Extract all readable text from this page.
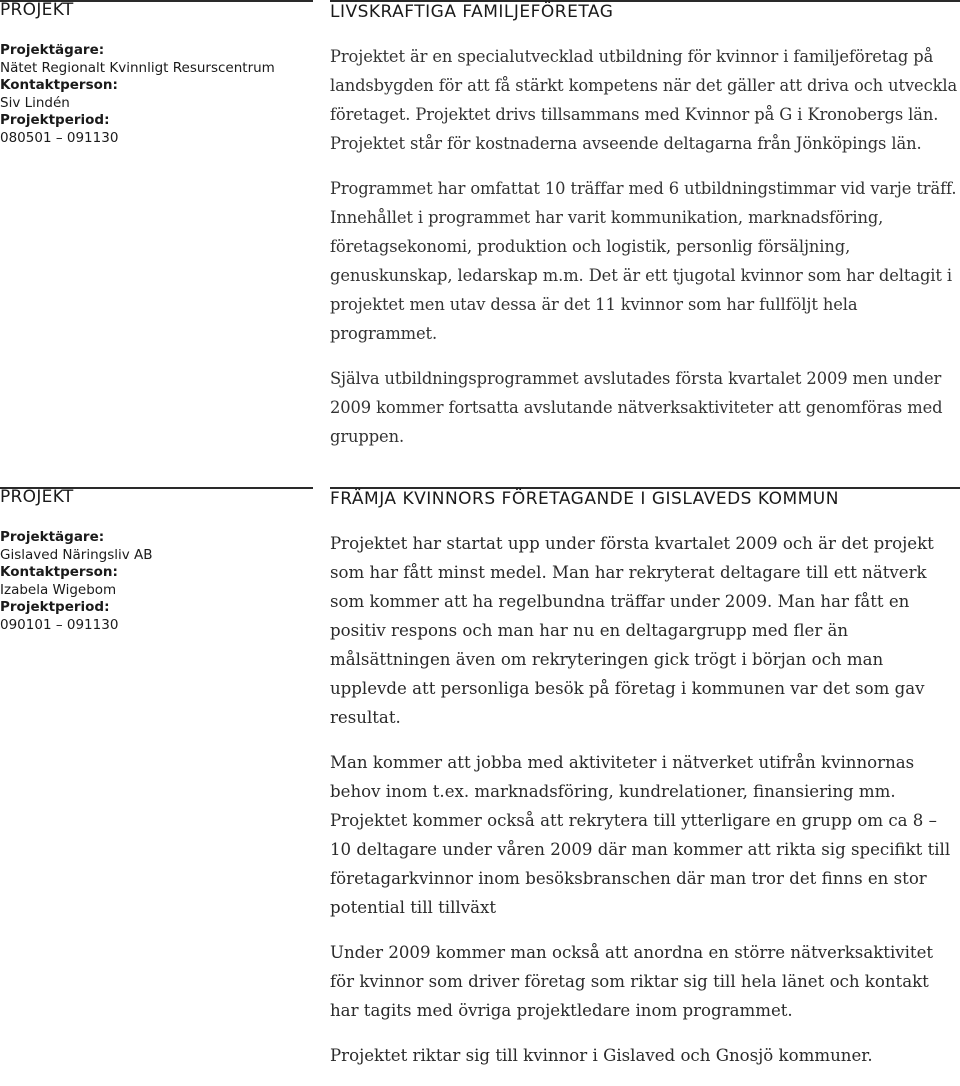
PROJEKT
Projektägare:
Nätet Regionalt Kvinnligt Resurscentrum
Kontaktperson:
Siv Lindén
Projektperiod:
080501 – 091130
LIVSKRAFTIGA FAMILJEFÖRETAG

Projektet är en specialutvecklad utbildning för kvinnor i familjeföretag på landsbygden för att få stärkt kompetens när det gäller att driva och utveckla företaget. Projektet drivs tillsammans med Kvinnor på G i Kronobergs län. Projektet står för kostnaderna avseende deltagarna från Jönköpings län.

Programmet har omfattat 10 träffar med 6 utbildningstimmar vid varje träff. Innehållet i programmet har varit kommunikation, marknadsföring, företagsekonomi, produktion och logistik, personlig försäljning, genuskunskap, ledarskap m.m. Det är ett tjugotal kvinnor som har deltagit i projektet men utav dessa är det 11 kvinnor som har fullföljt hela programmet.

Själva utbildningsprogrammet avslutades första kvartalet 2009 men under 2009 kommer fortsatta avslutande nätverksaktiviteter att genomföras med gruppen.

PROJEKT
Projektägare:
Gislaved Näringsliv AB
Kontaktperson:
Izabela Wigebom
Projektperiod:
090101 – 091130
FRÄMJA KVINNORS FÖRETAGANDE I GISLAVEDS KOMMUN

Projektet har startat upp under första kvartalet 2009 och är det projekt som har fått minst medel. Man har rekryterat deltagare till ett nätverk som kommer att ha regelbundna träffar under 2009. Man har fått en positiv respons och man har nu en deltagargrupp med fler än målsättningen även om rekryteringen gick trögt i början och man upplevde att personliga besök på företag i kommunen var det som gav resultat.

Man kommer att jobba med aktiviteter i nätverket utifrån kvinnornas behov inom t.ex. marknadsföring, kundrelationer, finansiering mm. Projektet kommer också att rekrytera till ytterligare en grupp om ca 8 – 10 deltagare under våren 2009 där man kommer att rikta sig specifikt till företagarkvinnor inom besöksbranschen där man tror det finns en stor potential till tillväxt

Under 2009 kommer man också att anordna en större nätverksaktivitet för kvinnor som driver företag som riktar sig till hela länet och kontakt har tagits med övriga projektledare inom programmet.

Projektet riktar sig till kvinnor i Gislaved och Gnosjö kommuner.
